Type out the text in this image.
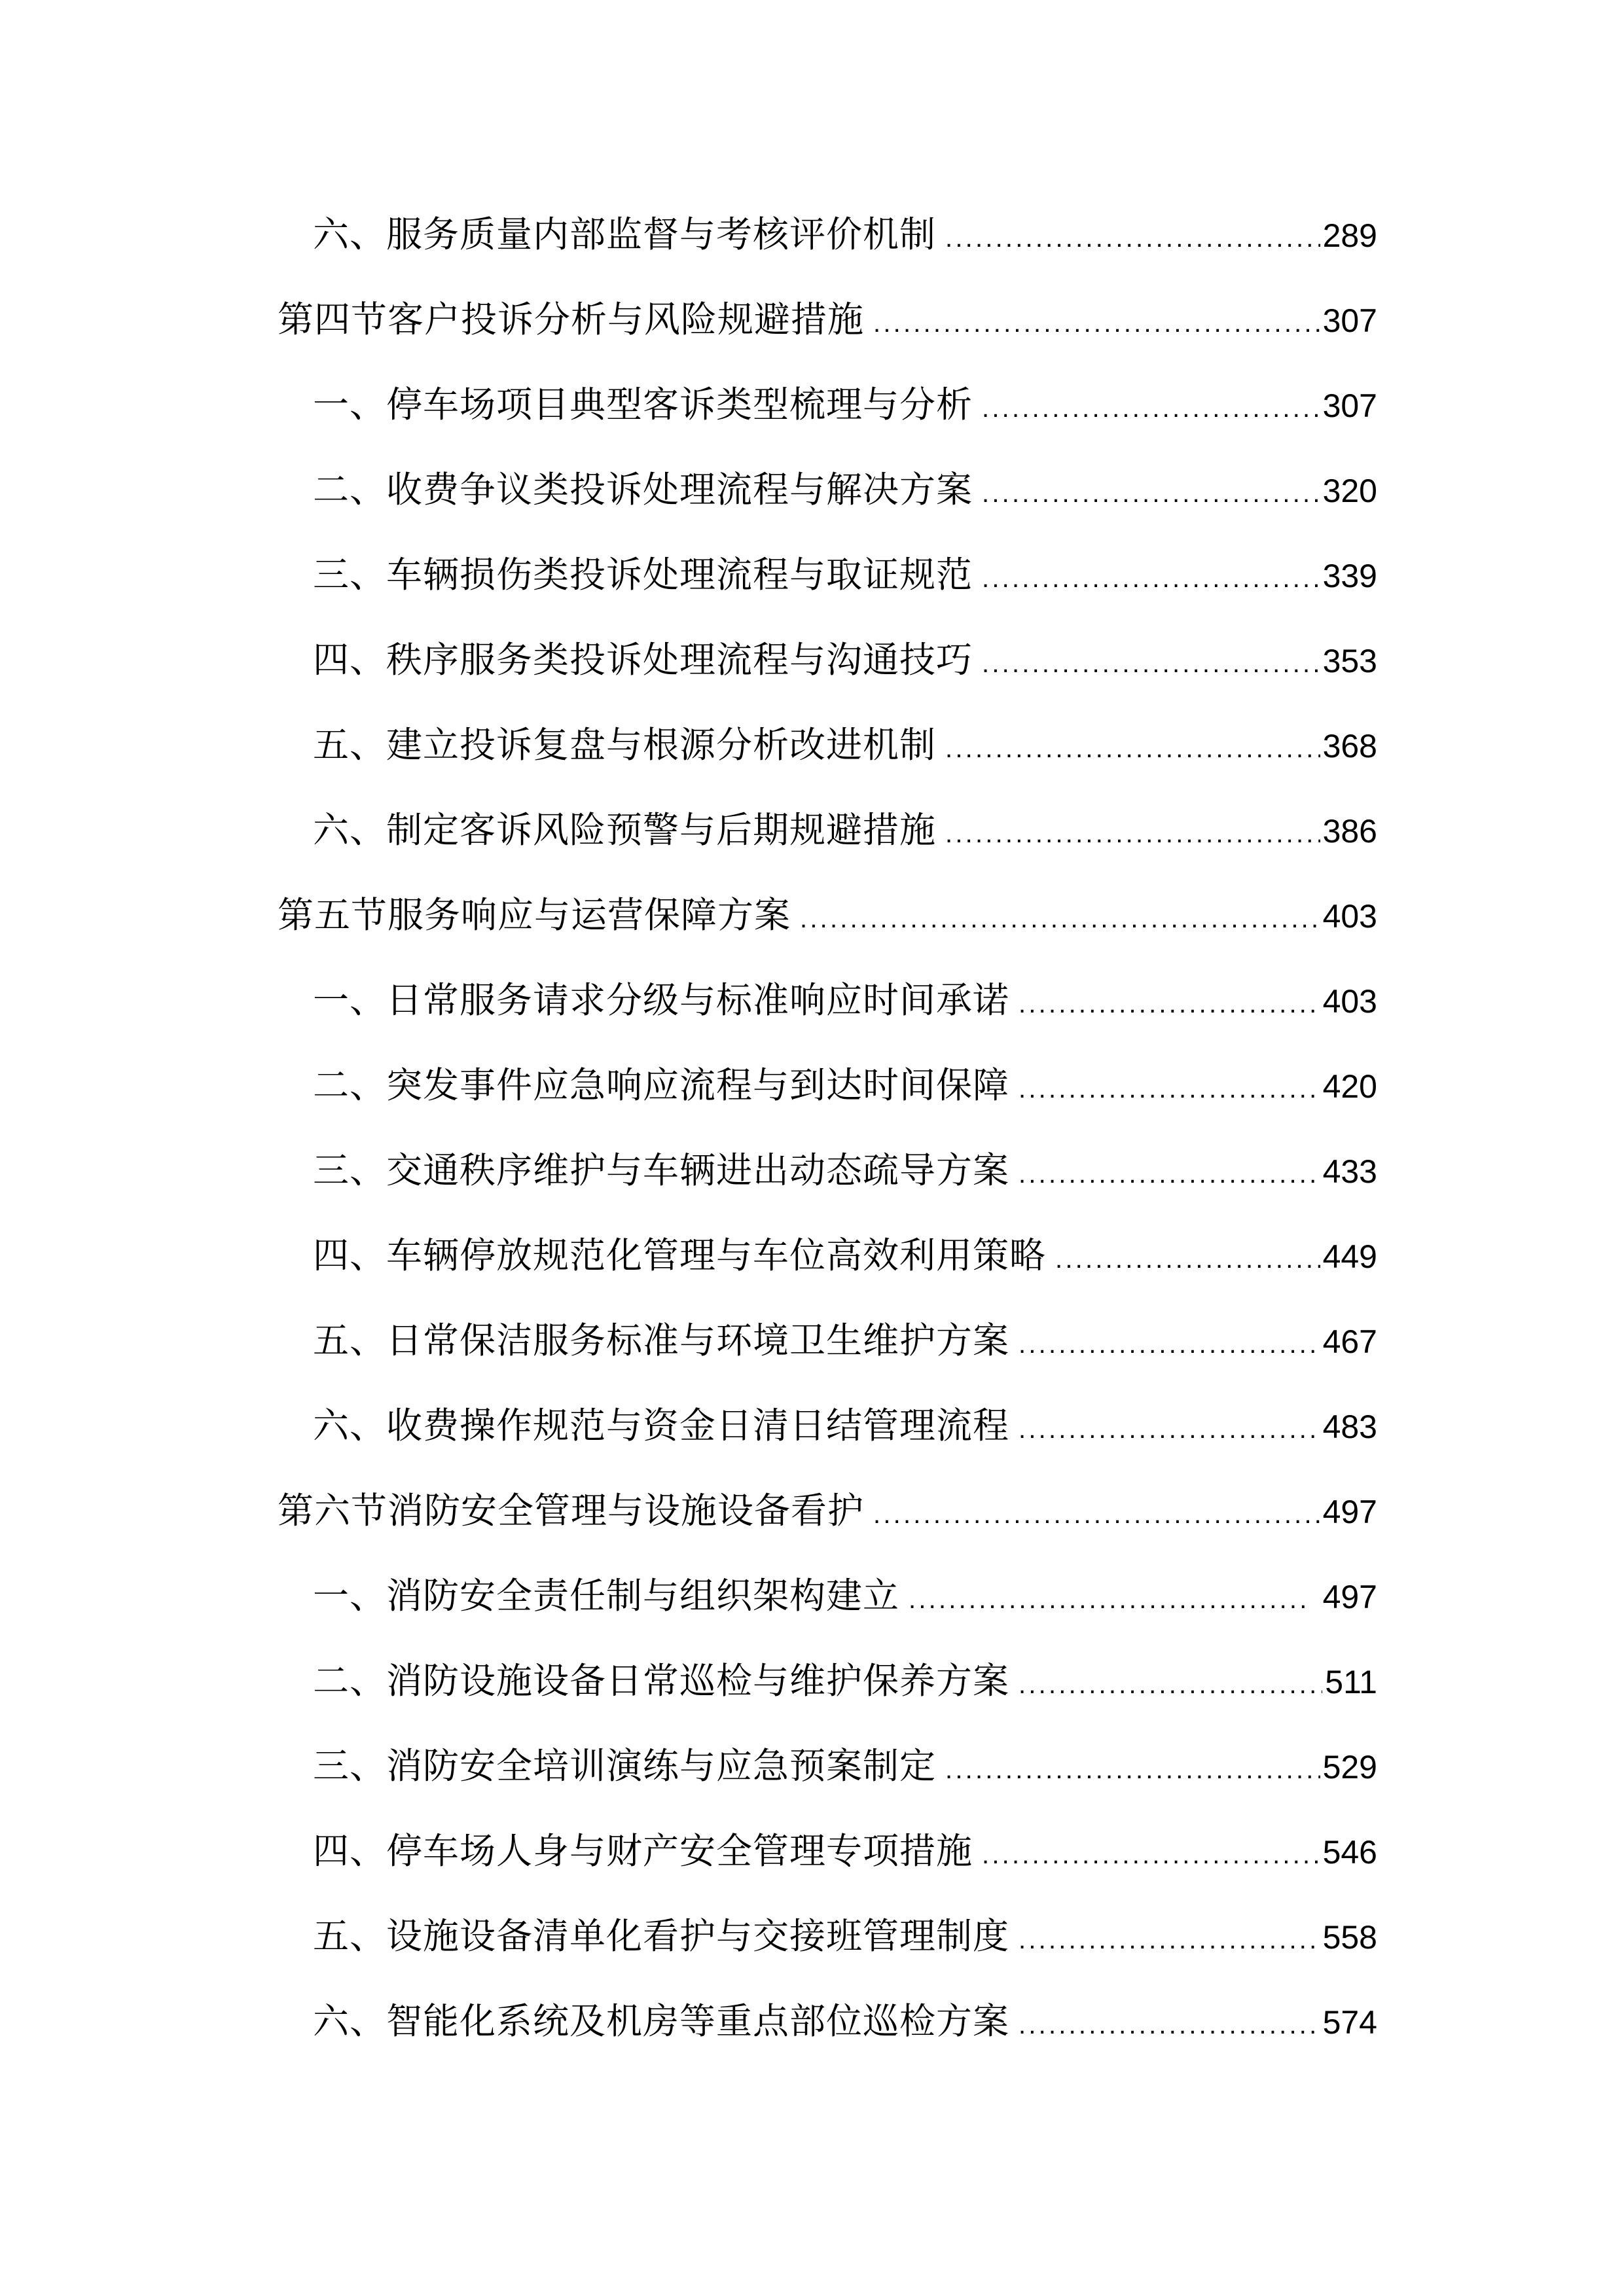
六、服务质量内部监督与考核评价机制 .....	289
第四节客户投诉分析与风险规避措施 .....	307
一、停车场项目典型客诉类型梳理与分析 .....	307
二、收费争议类投诉处理流程与解决方案 .....	320
三、车辆损伤类投诉处理流程与取证规范 .....	339
四、秩序服务类投诉处理流程与沟通技巧 .....	353
五、建立投诉复盘与根源分析改进机制 .....	368
六、制定客诉风险预警与后期规避措施 .....	386
第五节服务响应与运营保障方案 .....	403
一、日常服务请求分级与标准响应时间承诺 .....	403
二、突发事件应急响应流程与到达时间保障 .....	420
三、交通秩序维护与车辆进出动态疏导方案 .....	433
四、车辆停放规范化管理与车位高效利用策略 .....	449
五、日常保洁服务标准与环境卫生维护方案 .....	467
六、收费操作规范与资金日清日结管理流程 .....	483
第六节消防安全管理与设施设备看护 .....	497
一、消防安全责任制与组织架构建立 .....	497
二、消防设施设备日常巡检与维护保养方案 .....	511
三、消防安全培训演练与应急预案制定 .....	529
四、停车场人身与财产安全管理专项措施 .....	546
五、设施设备清单化看护与交接班管理制度 .....	558
六、智能化系统及机房等重点部位巡检方案 .....	574
